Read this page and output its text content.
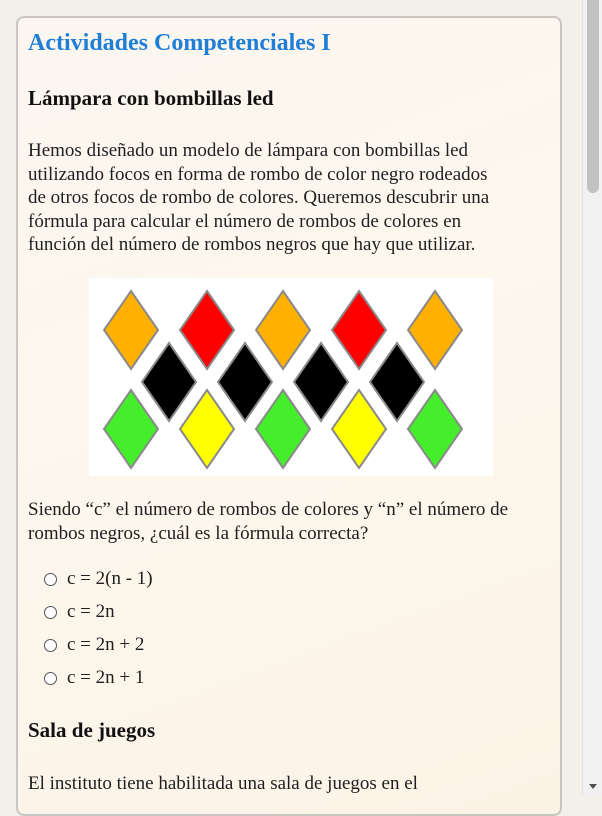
Actividades Competenciales I
Lámpara con bombillas led
Hemos diseñado un modelo de lámpara con bombillas led
utilizando focos en forma de rombo de color negro rodeados
de otros focos de rombo de colores. Queremos descubrir una
fórmula para calcular el número de rombos de colores en
función del número de rombos negros que hay que utilizar.
Siendo “c” el número de rombos de colores y “n” el número de
rombos negros, ¿cuál es la fórmula correcta?
c = 2(n - 1)
c = 2n
c = 2n + 2
c = 2n + 1
Sala de juegos
El instituto tiene habilitada una sala de juegos en el
